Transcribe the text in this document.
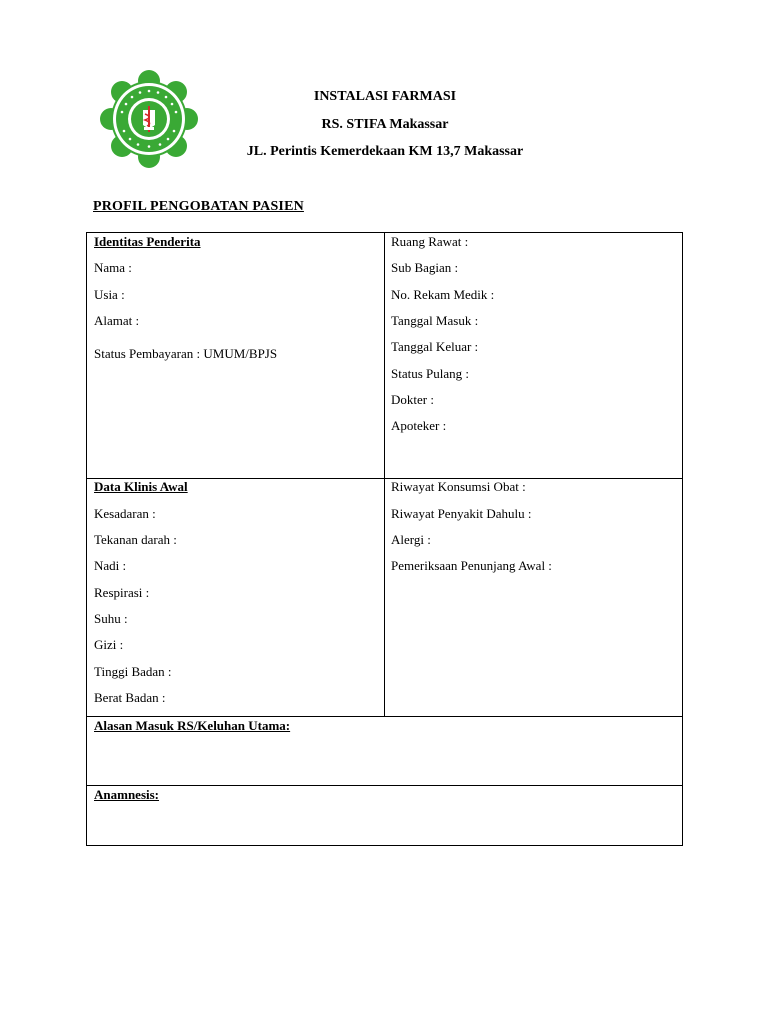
INSTALASI FARMASI
RS. STIFA Makassar
JL. Perintis Kemerdekaan KM 13,7 Makassar
PROFIL PENGOBATAN PASIEN
Identitas Penderita
Nama :
Usia :
Alamat :
Status Pembayaran : UMUM/BPJS
Ruang Rawat :
Sub Bagian :
No. Rekam Medik :
Tanggal Masuk :
Tanggal Keluar :
Status Pulang :
Dokter :
Apoteker :
Data Klinis Awal
Kesadaran :
Tekanan darah :
Nadi :
Respirasi :
Suhu :
Gizi :
Tinggi Badan :
Berat Badan :
Riwayat Konsumsi Obat :
Riwayat Penyakit Dahulu :
Alergi :
Pemeriksaan Penunjang Awal :
Alasan Masuk RS/Keluhan Utama:
Anamnesis:
